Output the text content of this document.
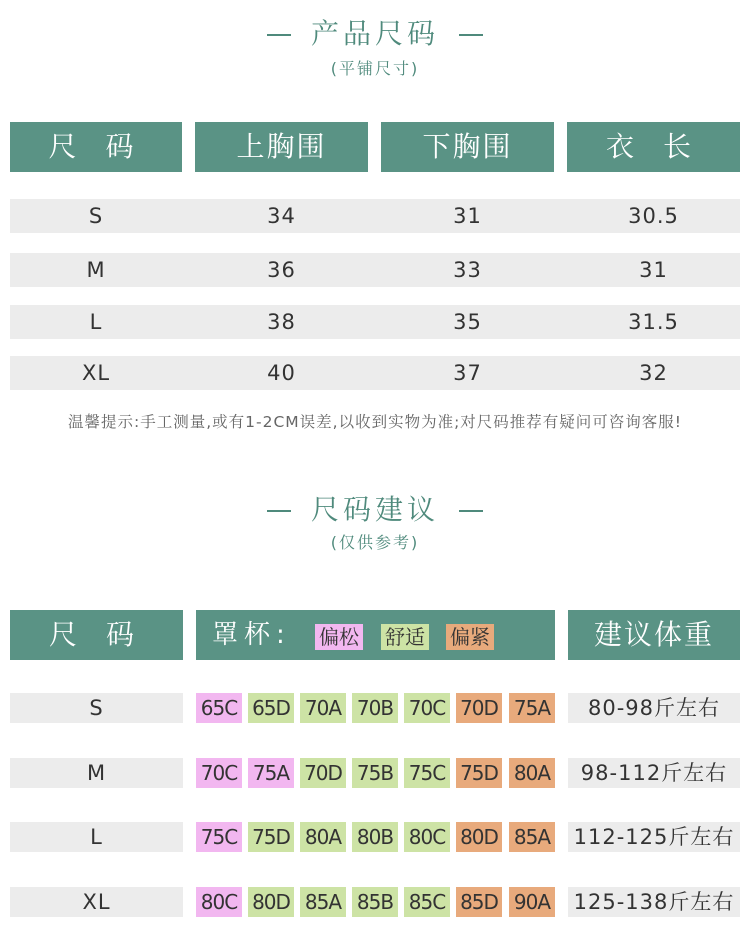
产品尺码
(平铺尺寸)
尺 码	上胸围	下胸围	衣 长
S	34	31	30.5
M	36	33	31
L	38	35	31.5
XL	40	37	32
温馨提示:手工测量,或有1-2CM误差,以收到实物为准;对尺码推荐有疑问可咨询客服!
尺码建议
(仅供参考)
尺 码	罩杯: 偏松 舒适 偏紧	建议体重
S	65C 65D 70A 70B 70C 70D 75A	80-98斤左右
M	70C 75A 70D 75B 75C 75D 80A	98-112斤左右
L	75C 75D 80A 80B 80C 80D 85A 112-125斤左右
XL	80C 80D 85A 85B 85C 85D 90A 125-138斤左右
